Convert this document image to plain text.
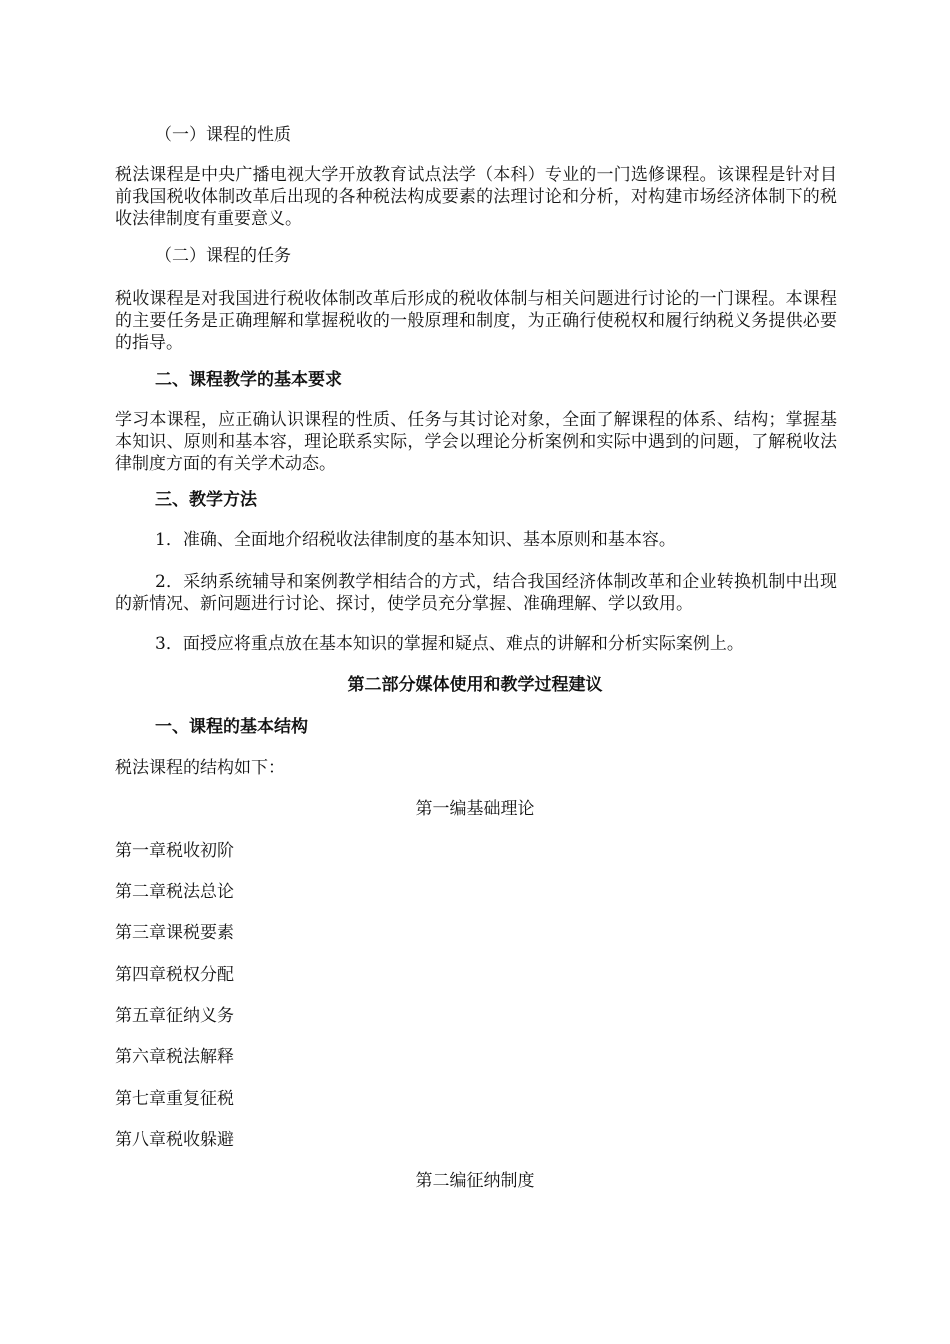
（一）课程的性质
税法课程是中央广播电视大学开放教育试点法学（本科）专业的一门选修课程。该课程是针对目前我国税收体制改革后出现的各种税法构成要素的法理讨论和分析，对构建市场经济体制下的税收法律制度有重要意义。
（二）课程的任务
税收课程是对我国进行税收体制改革后形成的税收体制与相关问题进行讨论的一门课程。本课程的主要任务是正确理解和掌握税收的一般原理和制度，为正确行使税权和履行纳税义务提供必要的指导。
二、课程教学的基本要求
学习本课程，应正确认识课程的性质、任务与其讨论对象，全面了解课程的体系、结构；掌握基本知识、原则和基本容，理论联系实际，学会以理论分析案例和实际中遇到的问题，了解税收法律制度方面的有关学术动态。
三、教学方法
1．准确、全面地介绍税收法律制度的基本知识、基本原则和基本容。
2．采纳系统辅导和案例教学相结合的方式，结合我国经济体制改革和企业转换机制中出现的新情况、新问题进行讨论、探讨，使学员充分掌握、准确理解、学以致用。
3．面授应将重点放在基本知识的掌握和疑点、难点的讲解和分析实际案例上。
第二部分媒体使用和教学过程建议
一、课程的基本结构
税法课程的结构如下：
第一编基础理论
第一章税收初阶
第二章税法总论
第三章课税要素
第四章税权分配
第五章征纳义务
第六章税法解释
第七章重复征税
第八章税收躲避
第二编征纳制度
